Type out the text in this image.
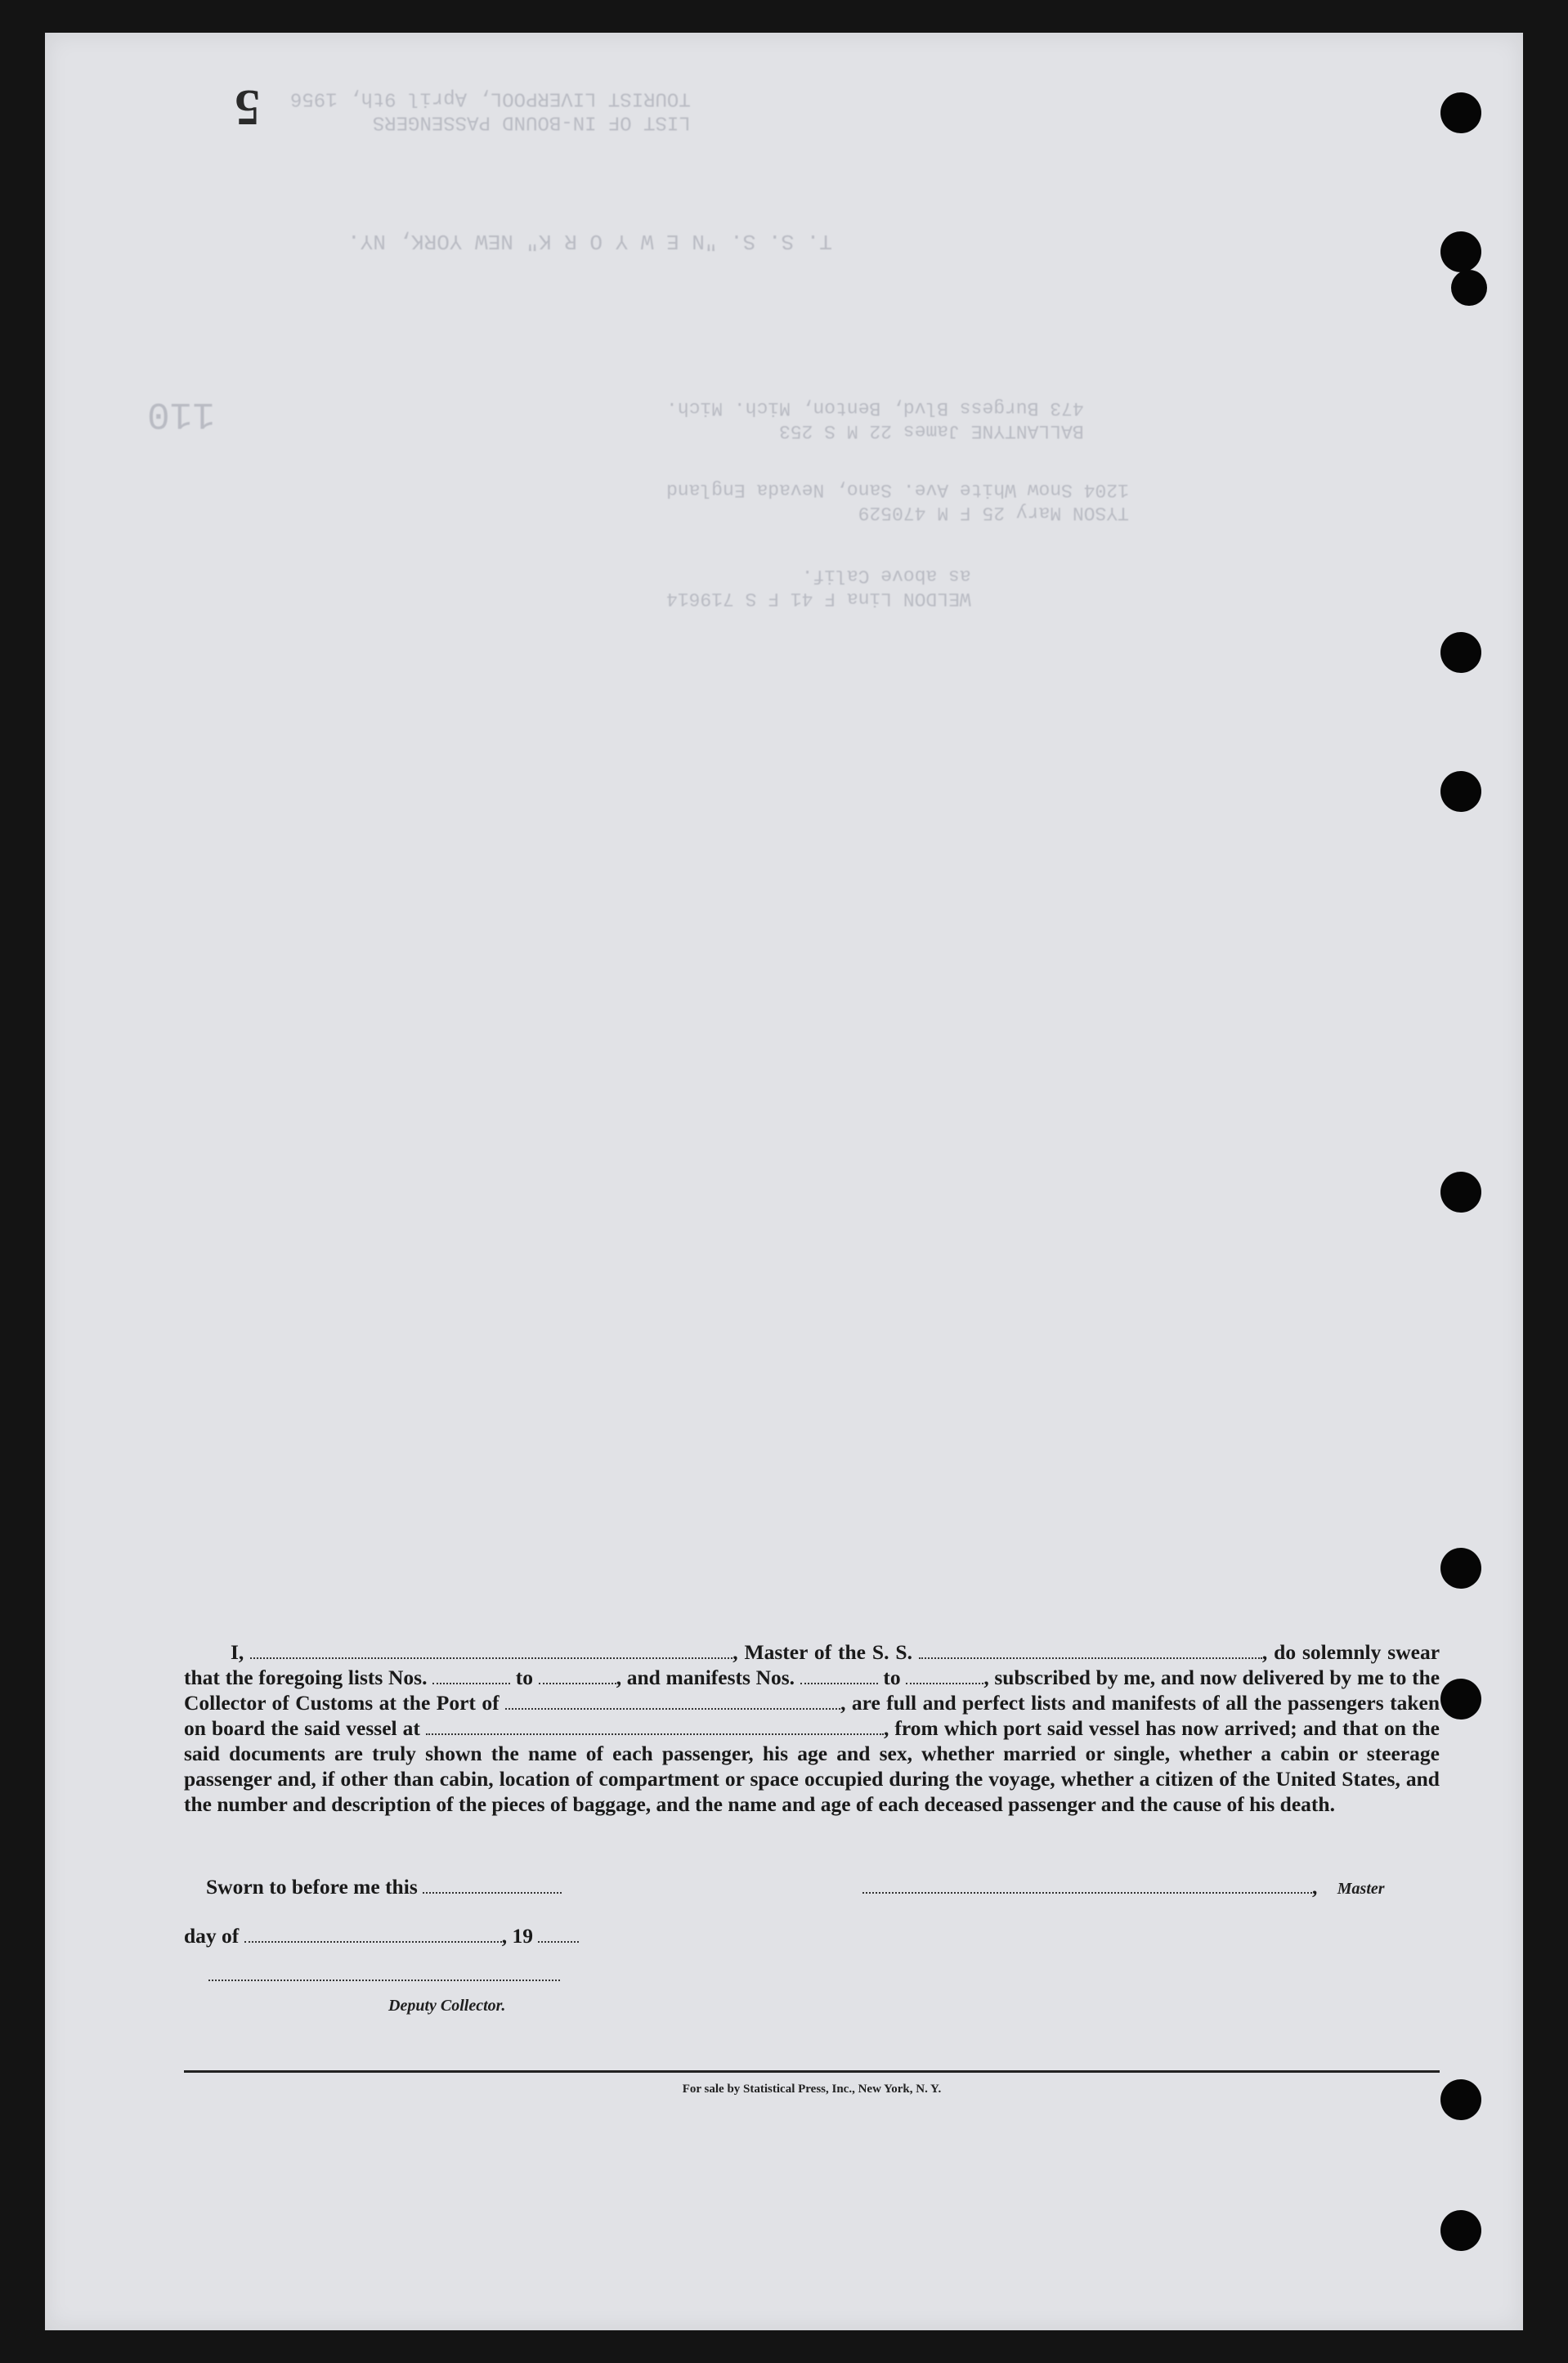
5	LIST OF IN-BOUND PASSENGERS
TOURIST LIVERPOOL, April 9th, 1956
T. S. S. "N E W Y O R K" NEW YORK, NY.
110	BALLANTYNE James 22 M S 253
473 Burgess Blvd, Benton, Mich. Mich.
TYSON Mary 25 F M 470529
1204 Snow White Ave. Sano, Nevada England
WELDON Lina F 41 F S 719614
as above Calif.
I,	, Master of the S. S.	, do solemnly swear that the foregoing lists Nos.	to	, and manifests Nos.	to	, subscribed by me, and now delivered by me to the Collector of Customs at the Port of	, are full and perfect lists and manifests of all the passengers taken on board the said vessel at	, from which port said vessel has now arrived; and that on the said documents are truly shown the name of each passenger, his age and sex, whether married or single, whether a cabin or steerage passenger and, if other than cabin, location of compartment or space occupied during the voyage, whether a citizen of the United States, and the number and description of the pieces of baggage, and the name and age of each deceased passenger and the cause of his death.
Sworn to before me this	, Master
day of	, 19
Deputy Collector.
For sale by Statistical Press, Inc., New York, N. Y.
